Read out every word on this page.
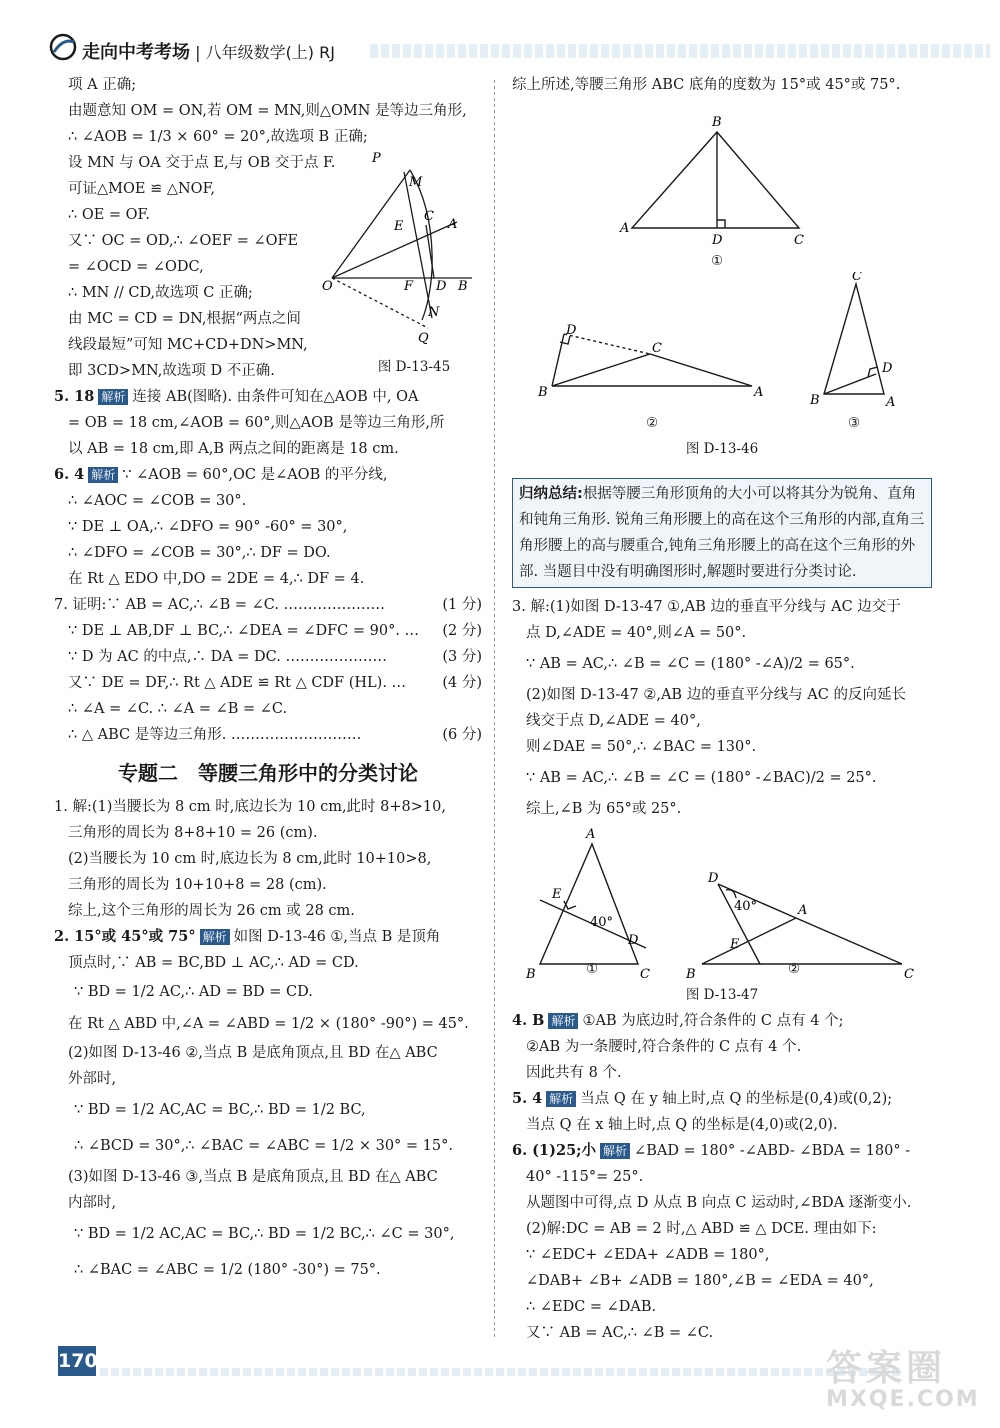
走向中考考场 | 八年级数学(上) RJ
项 A 正确;
由题意知 OM = ON,若 OM = MN,则△OMN 是等边三角形,
∴ ∠AOB = 1/3 × 60° = 20°,故选项 B 正确;
设 MN 与 OA 交于点 E,与 OB 交于点 F.
可证△MOE ≌ △NOF,
∴ OE = OF.
又∵ OC = OD,∴ ∠OEF = ∠OFE
= ∠OCD = ∠ODC,
∴ MN // CD,故选项 C 正确;
由 MC = CD = DN,根据“两点之间
线段最短”可知 MC+CD+DN>MN,
即 3CD>MN,故选项 D 不正确.
P
M
C
A
E
O	F D B
N
Q
图 D-13-45
5. 18 解析 连接 AB(图略). 由条件可知在△AOB 中, OA
= OB = 18 cm,∠AOB = 60°,则△AOB 是等边三角形,所
以 AB = 18 cm,即 A,B 两点之间的距离是 18 cm.
6. 4 解析 ∵ ∠AOB = 60°,OC 是∠AOB 的平分线,
∴ ∠AOC = ∠COB = 30°.
∵ DE ⊥ OA,∴ ∠DFO = 90° -60° = 30°,
∴ ∠DFO = ∠COB = 30°,∴ DF = DO.
在 Rt △ EDO 中,DO = 2DE = 4,∴ DF = 4.
7. 证明:∵ AB = AC,∴ ∠B = ∠C. …………………	(1 分)
∵ DE ⊥ AB,DF ⊥ BC,∴ ∠DEA = ∠DFC = 90°. … (2 分)
∵ D 为 AC 的中点,∴ DA = DC. …………………	(3 分)
又∵ DE = DF,∴ Rt △ ADE ≌ Rt △ CDF (HL). …	(4 分)
∴ ∠A = ∠C. ∴ ∠A = ∠B = ∠C.
∴ △ ABC 是等边三角形. ………………………	(6 分)
专题二　等腰三角形中的分类讨论
1. 解:(1)当腰长为 8 cm 时,底边长为 10 cm,此时 8+8>10,
三角形的周长为 8+8+10 = 26 (cm).
(2)当腰长为 10 cm 时,底边长为 8 cm,此时 10+10>8,
三角形的周长为 10+10+8 = 28 (cm).
综上,这个三角形的周长为 26 cm 或 28 cm.
2. 15°或 45°或 75° 解析 如图 D-13-46 ①,当点 B 是顶角
顶点时,∵ AB = BC,BD ⊥ AC,∴ AD = CD.
∵ BD = 1/2 AC,∴ AD = BD = CD.
在 Rt △ ABD 中,∠A = ∠ABD = 1/2 × (180° -90°) = 45°.
(2)如图 D-13-46 ②,当点 B 是底角顶点,且 BD 在△ ABC
外部时,
∵ BD = 1/2 AC,AC = BC,∴ BD = 1/2 BC,
∴ ∠BCD = 30°,∴ ∠BAC = ∠ABC = 1/2 × 30° = 15°.
(3)如图 D-13-46 ③,当点 B 是底角顶点,且 BD 在△ ABC
内部时,
∵ BD = 1/2 AC,AC = BC,∴ BD = 1/2 BC,∴ ∠C = 30°,
∴ ∠BAC = ∠ABC = 1/2 (180° -30°) = 75°.
综上所述,等腰三角形 ABC 底角的度数为 15°或 45°或 75°.
B
A
D	C
①
D
C
B	A
C
D
B	A
②	③
图 D-13-46
归纳总结:根据等腰三角形顶角的大小可以将其分为锐角、直角和钝角三角形. 锐角三角形腰上的高在这个三角形的内部,直角三角形腰上的高与腰重合,钝角三角形腰上的高在这个三角形的外部. 当题目中没有明确图形时,解题时要进行分类讨论.
3. 解:(1)如图 D-13-47 ①,AB 边的垂直平分线与 AC 边交于
点 D,∠ADE = 40°,则∠A = 50°.
∵ AB = AC,∴ ∠B = ∠C = (180° -∠A)/2 = 65°.
(2)如图 D-13-47 ②,AB 边的垂直平分线与 AC 的反向延长
线交于点 D,∠ADE = 40°,
则∠DAE = 50°,∴ ∠BAC = 130°.
∵ AB = AC,∴ ∠B = ∠C = (180° -∠BAC)/2 = 25°.
综上,∠B 为 65°或 25°.
A
E
40°
D
B	C
D
40°	A
E
B	C
①	②
图 D-13-47
4. B 解析 ①AB 为底边时,符合条件的 C 点有 4 个;
②AB 为一条腰时,符合条件的 C 点有 4 个.
因此共有 8 个.
5. 4 解析 当点 Q 在 y 轴上时,点 Q 的坐标是(0,4)或(0,2);
当点 Q 在 x 轴上时,点 Q 的坐标是(4,0)或(2,0).
6. (1)25;小 解析 ∠BAD = 180° -∠ABD- ∠BDA = 180° -
40° -115°= 25°.
从题图中可得,点 D 从点 B 向点 C 运动时,∠BDA 逐渐变小.
(2)解:DC = AB = 2 时,△ ABD ≌ △ DCE. 理由如下:
∵ ∠EDC+ ∠EDA+ ∠ADB = 180°,
∠DAB+ ∠B+ ∠ADB = 180°,∠B = ∠EDA = 40°,
∴ ∠EDC = ∠DAB.
又∵ AB = AC,∴ ∠B = ∠C.
170	答案圈
MXQE.COM
